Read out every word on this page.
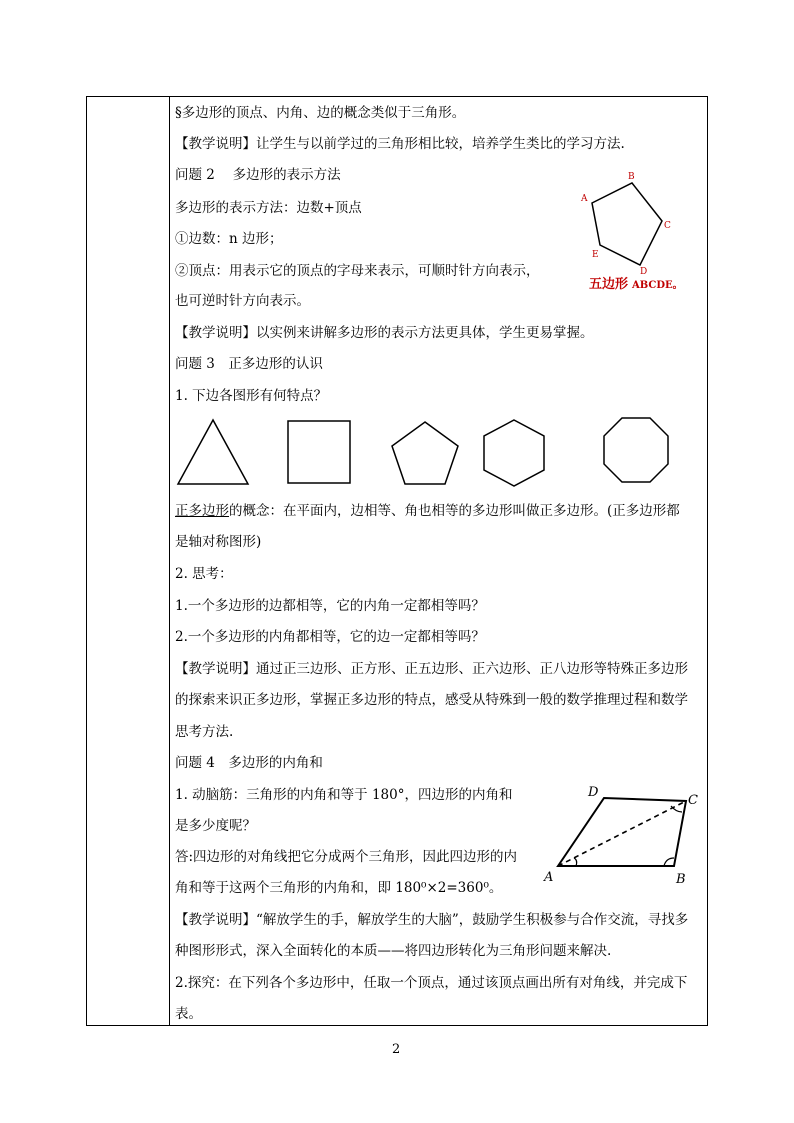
§多边形的顶点、内角、边的概念类似于三角形。
【教学说明】让学生与以前学过的三角形相比较，培养学生类比的学习方法.
问题 2　 多边形的表示方法
多边形的表示方法：边数+顶点
①边数：n 边形；
②顶点：用表示它的顶点的字母来表示，可顺时针方向表示，
也可逆时针方向表示。
【教学说明】以实例来讲解多边形的表示方法更具体，学生更易掌握。
问题 3　正多边形的认识
1. 下边各图形有何特点？
正多边形的概念：在平面内，边相等、角也相等的多边形叫做正多边形。(正多边形都
是轴对称图形)
2. 思考：
1.一个多边形的边都相等，它的内角一定都相等吗？
2.一个多边形的内角都相等，它的边一定都相等吗？
【教学说明】通过正三边形、正方形、正五边形、正六边形、正八边形等特殊正多边形
的探索来识正多边形，掌握正多边形的特点，感受从特殊到一般的数学推理过程和数学
思考方法.
问题 4　多边形的内角和
1. 动脑筋：三角形的内角和等于 180°，四边形的内角和
是多少度呢？
答:四边形的对角线把它分成两个三角形，因此四边形的内
角和等于这两个三角形的内角和，即 180⁰×2=360⁰。
【教学说明】“解放学生的手，解放学生的大脑”，鼓励学生积极参与合作交流，寻找多
种图形形式，深入全面转化的本质——将四边形转化为三角形问题来解决.
2.探究：在下列各个多边形中，任取一个顶点，通过该顶点画出所有对角线，并完成下
表。
A
B
C
D
E
五边形 ABCDE。
A	B
C
D
2
